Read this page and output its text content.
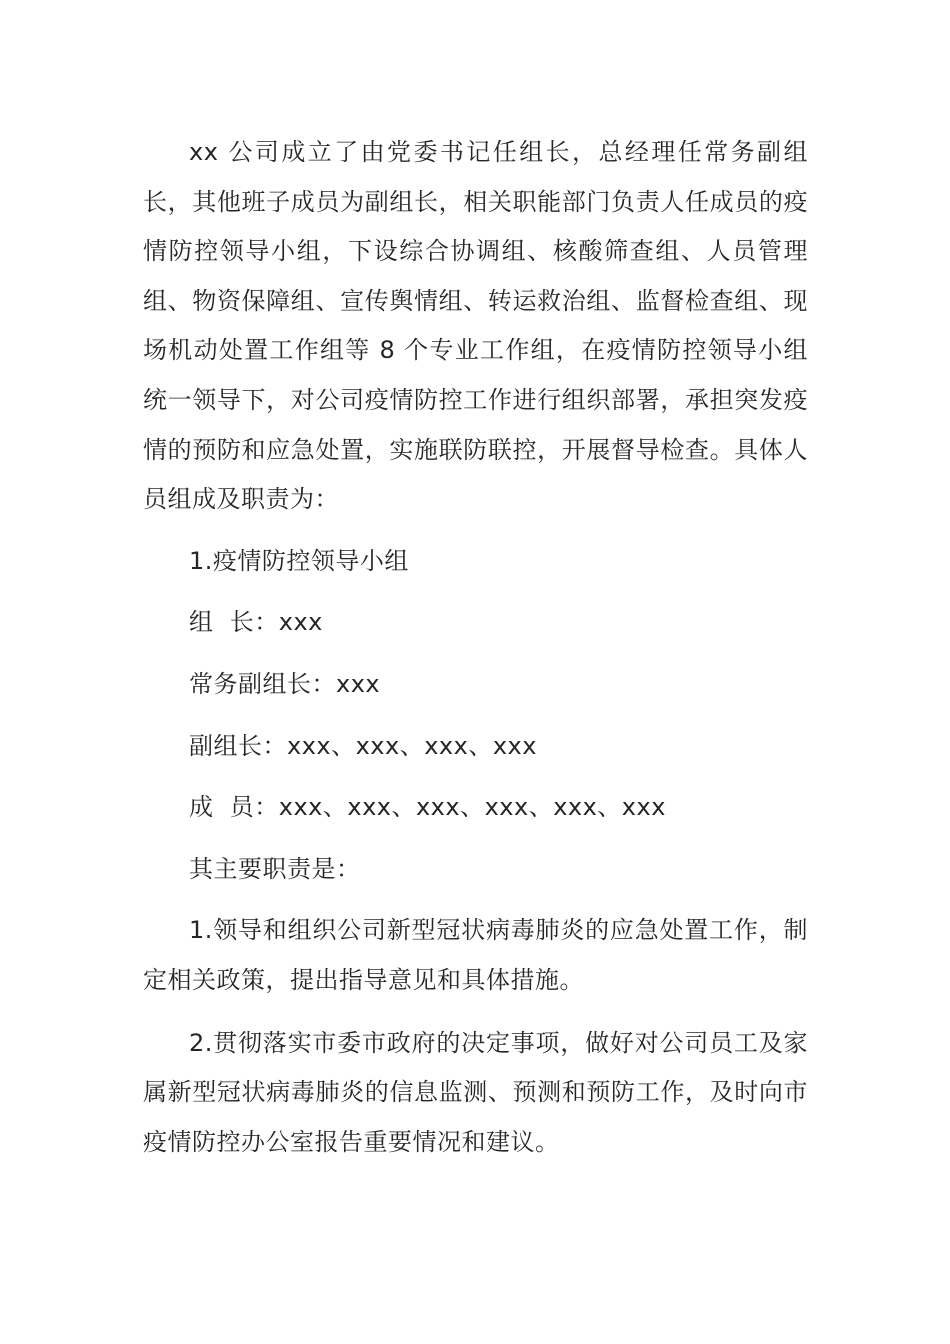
xx 公司成立了由党委书记任组长，总经理任常务副组长，其他班子成员为副组长，相关职能部门负责人任成员的疫情防控领导小组，下设综合协调组、核酸筛查组、人员管理组、物资保障组、宣传舆情组、转运救治组、监督检查组、现场机动处置工作组等 8 个专业工作组，在疫情防控领导小组统一领导下，对公司疫情防控工作进行组织部署，承担突发疫情的预防和应急处置，实施联防联控，开展督导检查。具体人员组成及职责为：

1.疫情防控领导小组

组  长：xxx

常务副组长：xxx

副组长：xxx、xxx、xxx、xxx

成  员：xxx、xxx、xxx、xxx、xxx、xxx

其主要职责是：

1.领导和组织公司新型冠状病毒肺炎的应急处置工作，制定相关政策，提出指导意见和具体措施。

2.贯彻落实市委市政府的决定事项，做好对公司员工及家属新型冠状病毒肺炎的信息监测、预测和预防工作，及时向市疫情防控办公室报告重要情况和建议。
